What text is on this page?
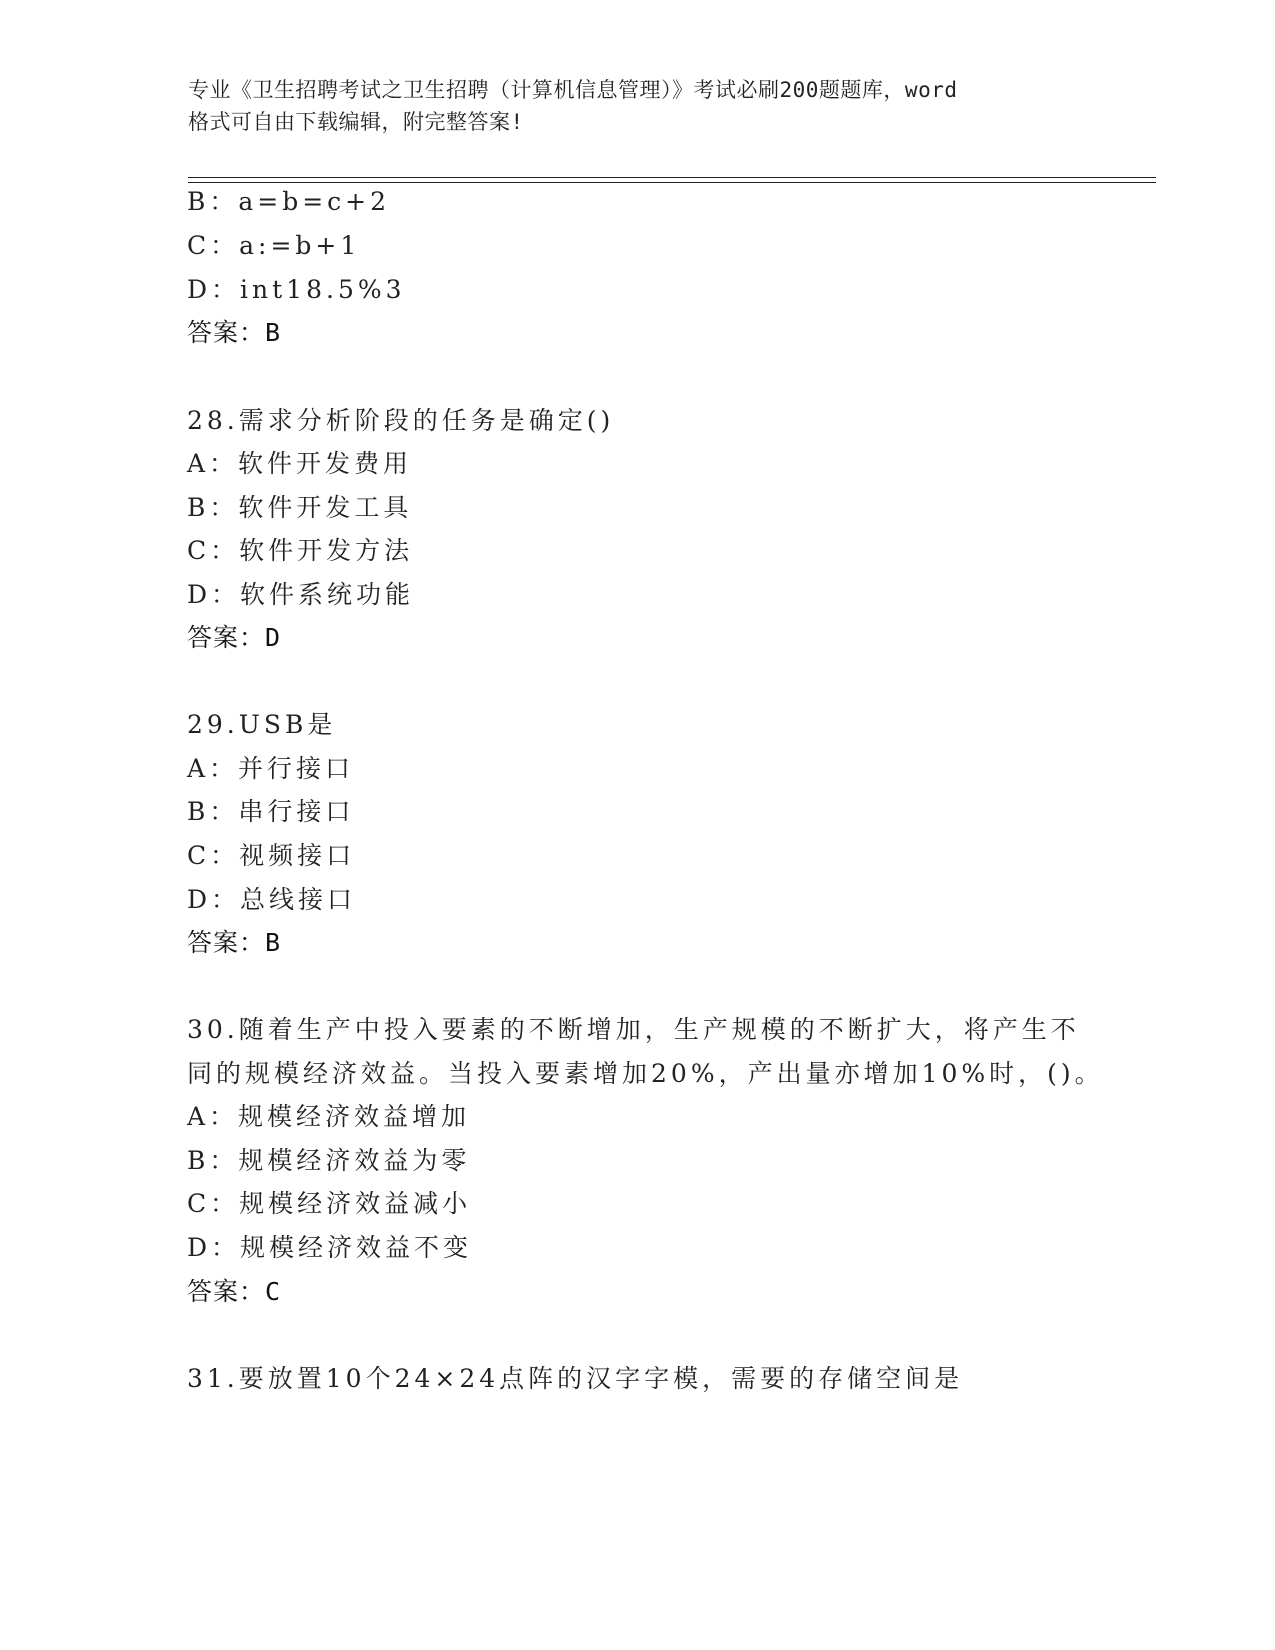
专业《卫生招聘考试之卫生招聘（计算机信息管理）》考试必刷200题题库，word
格式可自由下载编辑，附完整答案!
B：a=b=c+2
C：a:=b+1
D：int18.5%3
答案：B
28.需求分析阶段的任务是确定()
A：软件开发费用
B：软件开发工具
C：软件开发方法
D：软件系统功能
答案：D
29.USB是
A：并行接口
B：串行接口
C：视频接口
D：总线接口
答案：B
30.随着生产中投入要素的不断增加，生产规模的不断扩大，将产生不
同的规模经济效益。当投入要素增加20%，产出量亦增加10%时，()。
A：规模经济效益增加
B：规模经济效益为零
C：规模经济效益减小
D：规模经济效益不变
答案：C
31.要放置10个24×24点阵的汉字字模，需要的存储空间是
